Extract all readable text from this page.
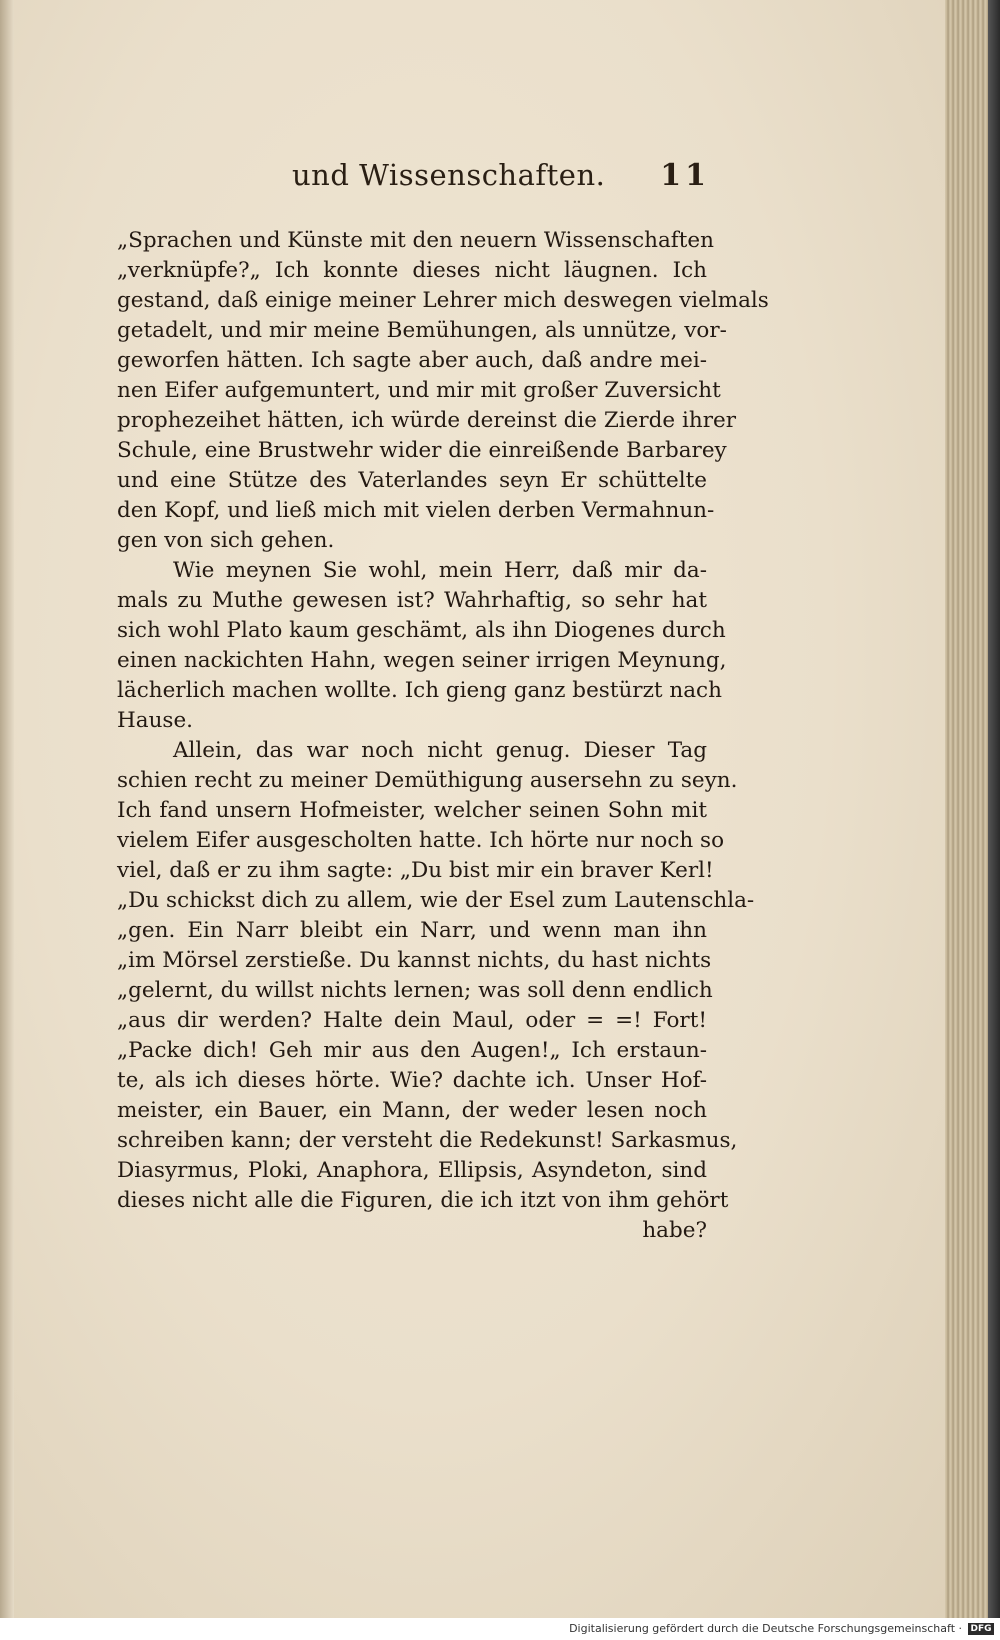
und Wissenschaften. 11
„Sprachen und Künste mit den neuern Wissenschaften
„verknüpfe?„ Ich konnte dieses nicht läugnen. Ich
gestand, daß einige meiner Lehrer mich deswegen vielmals
getadelt, und mir meine Bemühungen, als unnütze, vor-
geworfen hätten. Ich sagte aber auch, daß andre mei-
nen Eifer aufgemuntert, und mir mit großer Zuversicht
prophezeihet hätten, ich würde dereinst die Zierde ihrer
Schule, eine Brustwehr wider die einreißende Barbarey
und eine Stütze des Vaterlandes seyn Er schüttelte
den Kopf, und ließ mich mit vielen derben Vermahnun-
gen von sich gehen.
Wie meynen Sie wohl, mein Herr, daß mir da-
mals zu Muthe gewesen ist? Wahrhaftig, so sehr hat
sich wohl Plato kaum geschämt, als ihn Diogenes durch
einen nackichten Hahn, wegen seiner irrigen Meynung,
lächerlich machen wollte. Ich gieng ganz bestürzt nach
Hause.
Allein, das war noch nicht genug. Dieser Tag
schien recht zu meiner Demüthigung ausersehn zu seyn.
Ich fand unsern Hofmeister, welcher seinen Sohn mit
vielem Eifer ausgescholten hatte. Ich hörte nur noch so
viel, daß er zu ihm sagte: „Du bist mir ein braver Kerl!
„Du schickst dich zu allem, wie der Esel zum Lautenschla-
„gen. Ein Narr bleibt ein Narr, und wenn man ihn
„im Mörsel zerstieße. Du kannst nichts, du hast nichts
„gelernt, du willst nichts lernen; was soll denn endlich
„aus dir werden? Halte dein Maul, oder = =! Fort!
„Packe dich! Geh mir aus den Augen!„ Ich erstaun-
te, als ich dieses hörte. Wie? dachte ich. Unser Hof-
meister, ein Bauer, ein Mann, der weder lesen noch
schreiben kann; der versteht die Redekunst! Sarkasmus,
Diasyrmus, Ploki, Anaphora, Ellipsis, Asyndeton, sind
dieses nicht alle die Figuren, die ich itzt von ihm gehört
habe?
Digitalisierung gefördert durch die Deutsche Forschungsgemeinschaft · DFG
